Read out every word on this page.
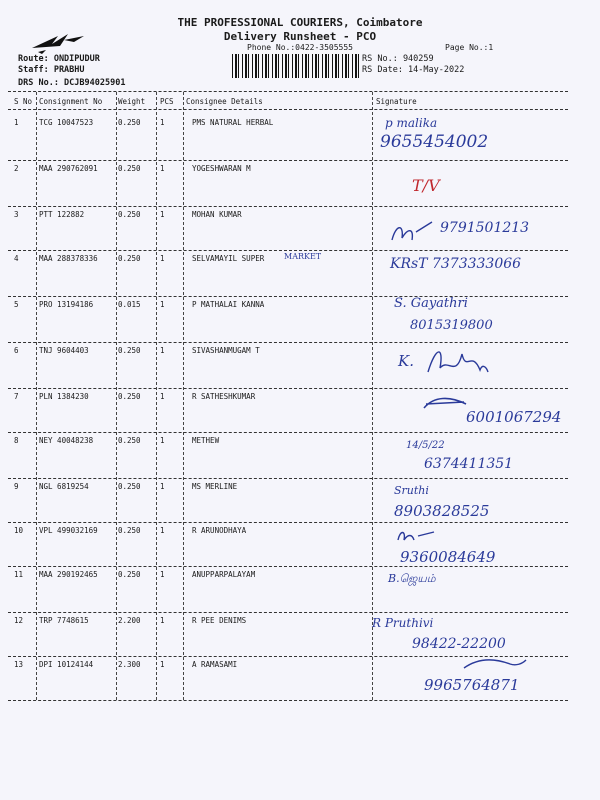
THE PROFESSIONAL COURIERS, Coimbatore
Delivery Runsheet - PCO
Phone No.:0422-3505555	Page No.:1
Route: ONDIPUDUR
Staff: PRABHU
DRS No.: DCJB94025901
RS No.: 940259
RS Date: 14-May-2022
S No Consignment No Weight PCS Consignee Details	Signature
1	TCG 10047523	0.250	1	PMS NATURAL HERBAL	p malika
9655454002
2	MAA 290762091	0.250	1	YOGESHWARAN M
T/V
3	PTT 122882	0.250	1	MOHAN KUMAR
9791501213
4	MAA 288378336	0.250	1	SELVAMAYIL SUPER MARKET	KRsT 7373333066
5	PRO 13194186	0.015	1	P MATHALAI KANNA	S. Gayathri
8015319800
6	TNJ 9604403	0.250	1	SIVASHANMUGAM T
K.
7	PLN 1384230	0.250	1	R SATHESHKUMAR
6001067294
8	NEY 40048238	0.250	1	METHEW	14/5/22
6374411351
9	NGL 6819254	0.250	1	MS MERLINE	Sruthi
8903828525
10 VPL 499032169	0.250	1	R ARUNODHAYA
9360084649
11 MAA 290192465	0.250	1	ANUPPARPALAYAM	B.ஜெயம்
12 TRP 7748615	2.200	1	R PEE DENIMS	R Pruthivi
98422-22200
13 DPI 10124144	2.300	1	A RAMASAMI
9965764871
